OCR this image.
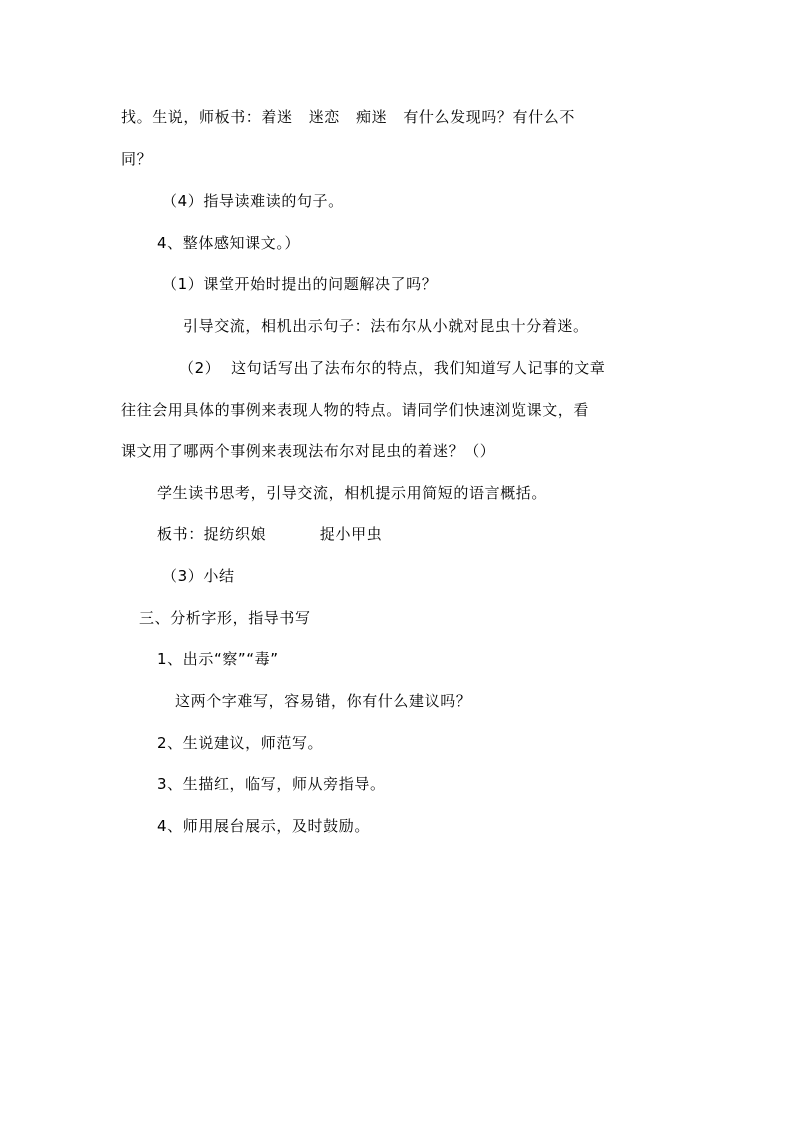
找。生说，师板书：着迷   迷恋   痴迷   有什么发现吗？有什么不
同？
（4）指导读难读的句子。
4、整体感知课文。）
（1）课堂开始时提出的问题解决了吗？
引导交流，相机出示句子：法布尔从小就对昆虫十分着迷。
（2）  这句话写出了法布尔的特点，我们知道写人记事的文章
往往会用具体的事例来表现人物的特点。请同学们快速浏览课文，看
课文用了哪两个事例来表现法布尔对昆虫的着迷？（）
学生读书思考，引导交流，相机提示用简短的语言概括。
板书：捉纺织娘          捉小甲虫
（3）小结
三、分析字形，指导书写
1、出示“察”“毒”
这两个字难写，容易错，你有什么建议吗？
2、生说建议，师范写。
3、生描红，临写，师从旁指导。
4、师用展台展示，及时鼓励。
